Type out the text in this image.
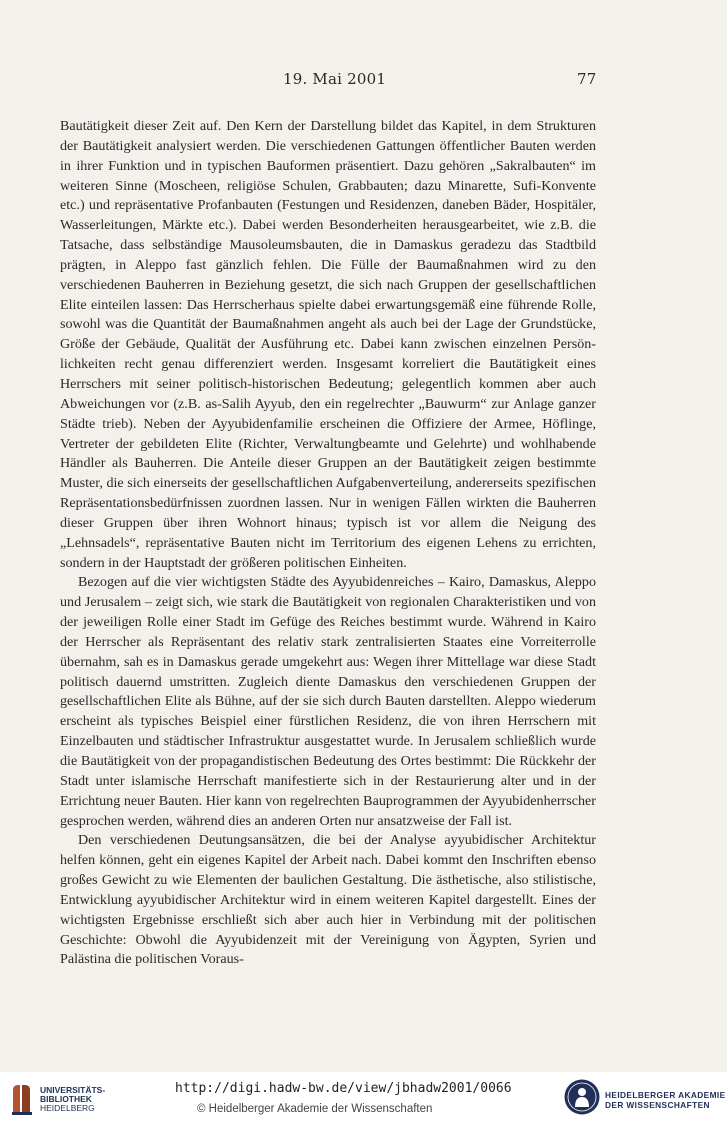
19. Mai 2001	77

Bautätigkeit dieser Zeit auf. Den Kern der Darstellung bildet das Kapitel, in dem Strukturen der Bautätigkeit analysiert werden. Die verschiedenen Gattungen öffentlicher Bauten werden in ihrer Funktion und in typischen Bauformen präsentiert. Dazu gehören „Sakralbauten“ im weiteren Sinne (Moscheen, religiöse Schulen, Grabbauten; dazu Minarette, Sufi-Konvente etc.) und repräsentative Profanbauten (Festungen und Residenzen, daneben Bäder, Hospitäler, Wasserleitungen, Märkte etc.). Dabei werden Besonderheiten herausgearbeitet, wie z.B. die Tatsache, dass selbständige Mausoleumsbauten, die in Damaskus geradezu das Stadtbild prägten, in Aleppo fast gänzlich fehlen. Die Fülle der Baumaßnahmen wird zu den verschiedenen Bauherren in Beziehung gesetzt, die sich nach Gruppen der gesellschaftlichen Elite einteilen lassen: Das Herrscherhaus spielte dabei erwartungsgemäß eine führende Rolle, sowohl was die Quantität der Baumaßnahmen angeht als auch bei der Lage der Grundstücke, Größe der Gebäude, Qualität der Ausführung etc. Dabei kann zwischen einzelnen Persönlichkeiten recht genau differenziert werden. Insgesamt korreliert die Bautätigkeit eines Herrschers mit seiner politisch-historischen Bedeutung; gelegentlich kommen aber auch Abweichungen vor (z.B. as-Salih Ayyub, den ein regelrechter „Bauwurm“ zur Anlage ganzer Städte trieb). Neben der Ayyubidenfamilie erscheinen die Offiziere der Armee, Höflinge, Vertreter der gebildeten Elite (Richter, Verwaltungbeamte und Gelehrte) und wohlhabende Händler als Bauherren. Die Anteile dieser Gruppen an der Bautätigkeit zeigen bestimmte Muster, die sich einerseits der gesellschaftlichen Aufgabenverteilung, andererseits spezifischen Repräsentationsbedürfnissen zuordnen lassen. Nur in wenigen Fällen wirkten die Bauherren dieser Gruppen über ihren Wohnort hinaus; typisch ist vor allem die Neigung des „Lehnsadels“, repräsentative Bauten nicht im Territorium des eigenen Lehens zu errichten, sondern in der Hauptstadt der größeren politischen Einheiten.

Bezogen auf die vier wichtigsten Städte des Ayyubidenreiches – Kairo, Damaskus, Aleppo und Jerusalem – zeigt sich, wie stark die Bautätigkeit von regionalen Charakteristiken und von der jeweiligen Rolle einer Stadt im Gefüge des Reiches bestimmt wurde. Während in Kairo der Herrscher als Repräsentant des relativ stark zentralisierten Staates eine Vorreiterrolle übernahm, sah es in Damaskus gerade umgekehrt aus: Wegen ihrer Mittellage war diese Stadt politisch dauernd umstritten. Zugleich diente Damaskus den verschiedenen Gruppen der gesellschaftlichen Elite als Bühne, auf der sie sich durch Bauten darstellten. Aleppo wiederum erscheint als typisches Beispiel einer fürstlichen Residenz, die von ihren Herrschern mit Einzelbauten und städtischer Infrastruktur ausgestattet wurde. In Jerusalem schließlich wurde die Bautätigkeit von der propagandistischen Bedeutung des Ortes bestimmt: Die Rückkehr der Stadt unter islamische Herrschaft manifestierte sich in der Restaurierung alter und in der Errichtung neuer Bauten. Hier kann von regelrechten Bauprogrammen der Ayyubidenherrscher gesprochen werden, während dies an anderen Orten nur ansatzweise der Fall ist.

Den verschiedenen Deutungsansätzen, die bei der Analyse ayyubidischer Architektur helfen können, geht ein eigenes Kapitel der Arbeit nach. Dabei kommt den Inschriften ebenso großes Gewicht zu wie Elementen der baulichen Gestaltung. Die ästhetische, also stilistische, Entwicklung ayyubidischer Architektur wird in einem weiteren Kapitel dargestellt. Eines der wichtigsten Ergebnisse erschließt sich aber auch hier in Verbindung mit der politischen Geschichte: Obwohl die Ayyubidenzeit mit der Vereinigung von Ägypten, Syrien und Palästina die politischen Voraus-

UNIVERSITÄTS-
BIBLIOTHEK
HEIDELBERG
http://digi.hadw-bw.de/view/jbhadw2001/0066
© Heidelberger Akademie der Wissenschaften
HEIDELBERGER AKADEMIE
DER WISSENSCHAFTEN
